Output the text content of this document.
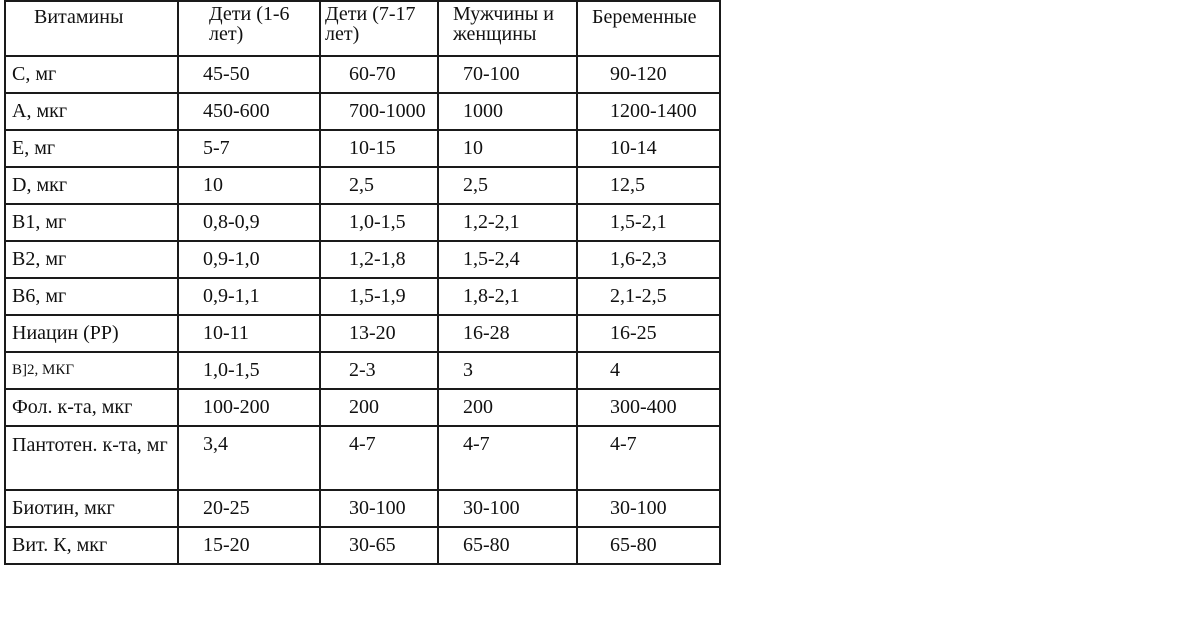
Витамины	Дети (1-6 лет)	Дети (7-17 лет)	Мужчины и женщины	Беременные

С, мг	45-50	60-70	70-100	90-120

А, мкг	450-600	700-1000	1000	1200-1400

Е, мг	5-7	10-15	10	10-14

D, мкг	10	2,5	2,5	12,5

В1, мг	0,8-0,9	1,0-1,5	1,2-2,1	1,5-2,1

В2, мг	0,9-1,0	1,2-1,8	1,5-2,4	1,6-2,3

В6, мг	0,9-1,1	1,5-1,9	1,8-2,1	2,1-2,5

Ниацин (РР)	10-11	13-20	16-28	16-25

В]2, МКГ	1,0-1,5	2-3	3	4

Фол. к-та, мкг	100-200	200	200	300-400

Пантотен. к-та, мг	3,4	4-7	4-7	4-7

Биотин, мкг	20-25	30-100	30-100	30-100

Вит. К, мкг	15-20	30-65	65-80	65-80
